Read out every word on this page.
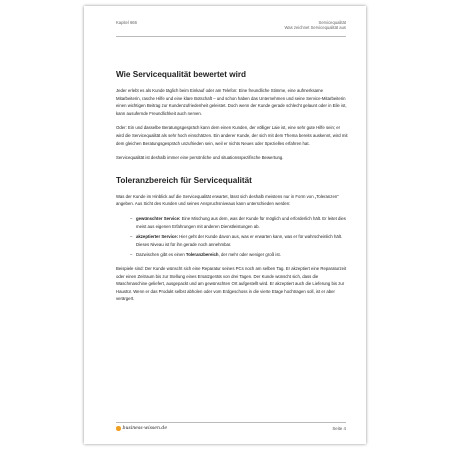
Kapitel 666	Servicequalität
Was zeichnet Servicequalität aus
Wie Servicequalität bewertet wird

Jeder erlebt es als Kunde täglich beim Einkauf oder am Telefon: Eine freundliche Stimme, eine aufmerksame Mitarbeiterin, rasche Hilfe und eine klare Botschaft – und schon haben das Unternehmen und seine Service-Mitarbeiterin einen wichtigen Beitrag zur Kundenzufriedenheit geleistet. Doch wenn der Kunde gerade schlecht gelaunt oder in Eile ist, kann ausufernde Freundlichkeit auch nerven.

Oder: Ein und dasselbe Beratungsgespräch kann dem einen Kunden, der völliger Laie ist, eine sehr gute Hilfe sein; er wird die Servicequalität als sehr hoch einschätzen. Ein anderer Kunde, der sich mit dem Thema bereits auskennt, wird mit dem gleichen Beratungsgespräch unzufrieden sein, weil er nichts Neues oder Spezielles erfahren hat.

Servicequalität ist deshalb immer eine persönliche und situationsspezifische Bewertung.

Toleranzbereich für Servicequalität

Was der Kunde im Hinblick auf die Servicequalität erwartet, lässt sich deshalb meistens nur in Form von „Toleranzen“ angeben. Aus Sicht des Kunden und seines Anspruchsniveaus kann unterschieden werden:

– gewünschter Service: Eine Mischung aus dem, was der Kunde für möglich und erforderlich hält. Er leitet dies meist aus eigenen Erfahrungen mit anderen Dienstleistungen ab.
– akzeptierter Service: Hier geht der Kunde davon aus, was er erwarten kann, was er für wahrscheinlich hält. Dieses Niveau ist für ihn gerade noch annehmbar.
– Dazwischen gibt es einen Toleranzbereich, der mehr oder weniger groß ist.

Beispiele sind: Der Kunde wünscht sich eine Reparatur seines PCs noch am selben Tag. Er akzeptiert eine Reparaturzeit oder einen Zeitraum bis zur Stellung eines Ersatzgeräts von drei Tagen. Der Kunde wünscht sich, dass die Waschmaschine geliefert, ausgepackt und am gewünschten Ort aufgestellt wird. Er akzeptiert auch die Lieferung bis zur Haustür. Wenn er das Produkt selbst abholen oder vom Erdgeschoss in die vierte Etage hochtragen soll, ist er aber verärgert.

business-wissen.de	Seite 4
